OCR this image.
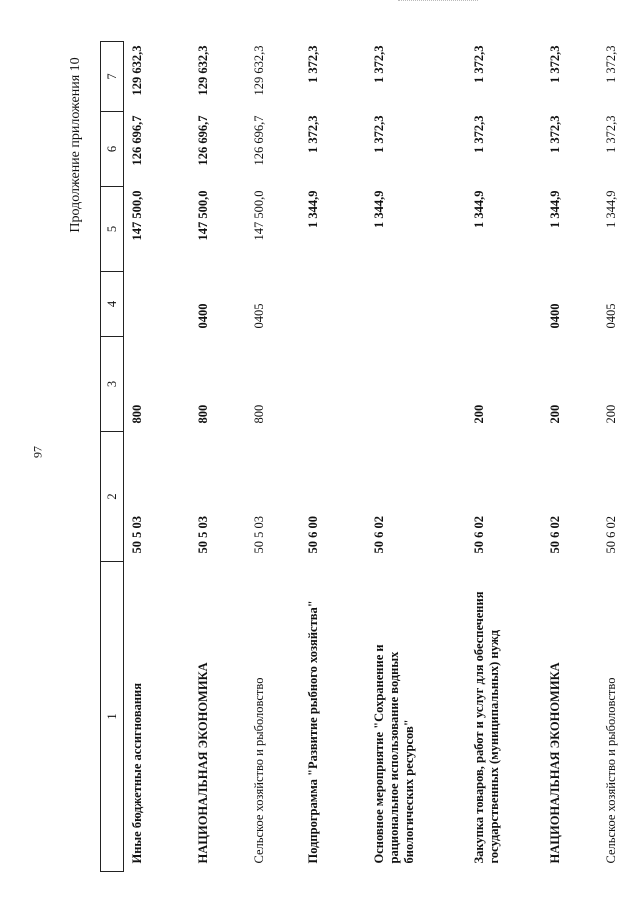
97
Продолжение приложения 10
1	2	3	4	5	6	7
Иные бюджетные ассигнования	50 5 03	800		147 500,0	126 696,7	129 632,3
НАЦИОНАЛЬНАЯ ЭКОНОМИКА	50 5 03	800	0400	147 500,0	126 696,7	129 632,3
Сельское хозяйство и рыболовство	50 5 03	800	0405	147 500,0	126 696,7	129 632,3
Подпрограмма "Развитие рыбного хозяйства"	50 6 00			1 344,9	1 372,3	1 372,3
Основное мероприятие "Сохранение и рациональное использование водных биологических ресурсов"	50 6 02			1 344,9	1 372,3	1 372,3
Закупка товаров, работ и услуг для обеспечения государственных (муниципальных) нужд	50 6 02	200		1 344,9	1 372,3	1 372,3
НАЦИОНАЛЬНАЯ ЭКОНОМИКА	50 6 02	200	0400	1 344,9	1 372,3	1 372,3
Сельское хозяйство и рыболовство	50 6 02	200	0405	1 344,9	1 372,3	1 372,3
